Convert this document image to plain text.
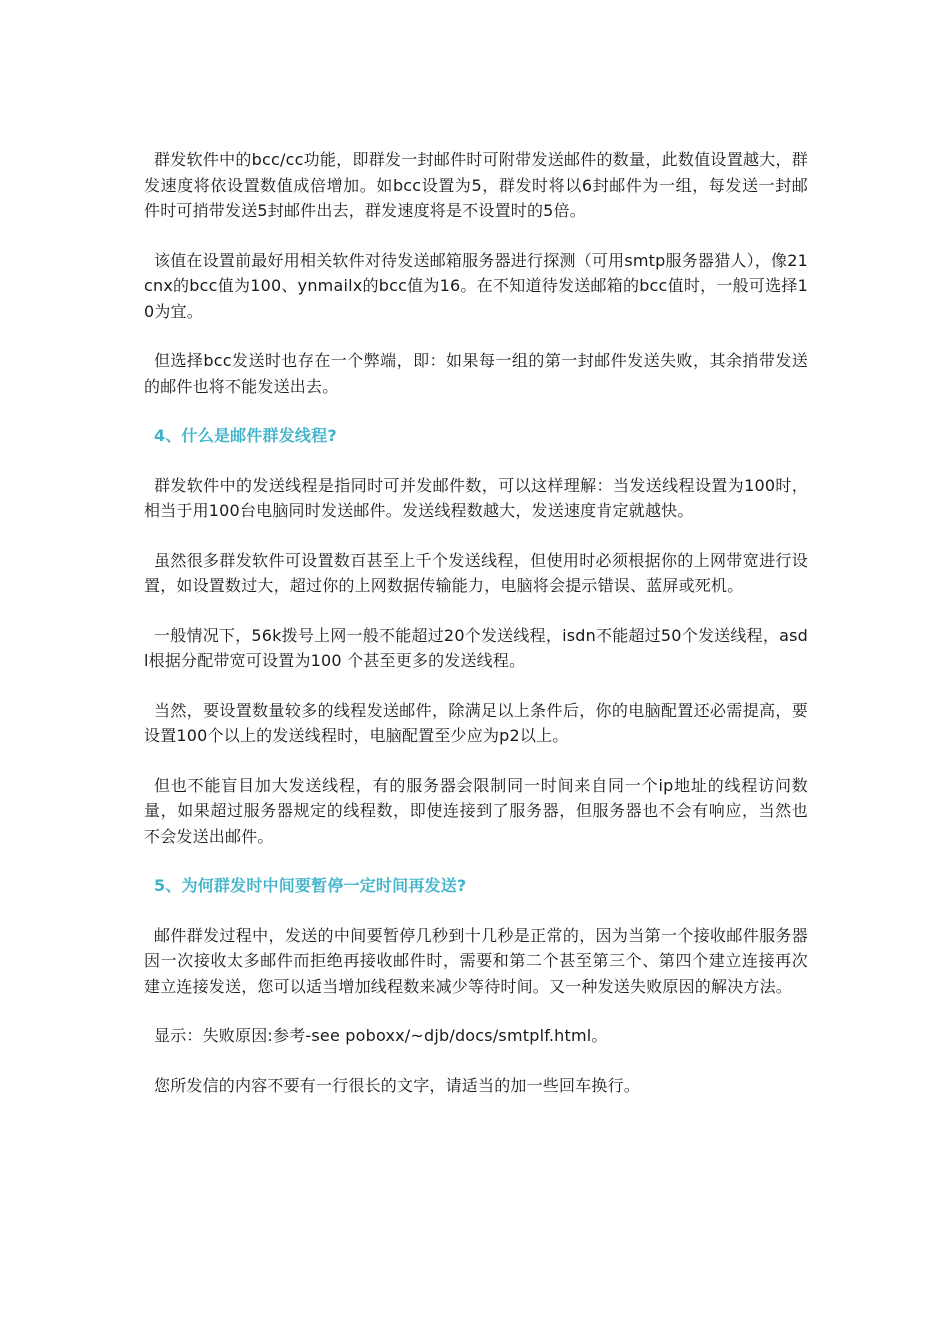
群发软件中的bcc/cc功能，即群发一封邮件时可附带发送邮件的数量，此数值设置越大，群发速度将依设置数值成倍增加。如bcc设置为5，群发时将以6封邮件为一组，每发送一封邮件时可捎带发送5封邮件出去，群发速度将是不设置时的5倍。

该值在设置前最好用相关软件对待发送邮箱服务器进行探测（可用smtp服务器猎人），像21cnx的bcc值为100、ynmailx的bcc值为16。在不知道待发送邮箱的bcc值时，一般可选择10为宜。

但选择bcc发送时也存在一个弊端，即：如果每一组的第一封邮件发送失败，其余捎带发送的邮件也将不能发送出去。

4、什么是邮件群发线程?

群发软件中的发送线程是指同时可并发邮件数，可以这样理解：当发送线程设置为100时，相当于用100台电脑同时发送邮件。发送线程数越大，发送速度肯定就越快。

虽然很多群发软件可设置数百甚至上千个发送线程，但使用时必须根据你的上网带宽进行设置，如设置数过大，超过你的上网数据传输能力，电脑将会提示错误、蓝屏或死机。

一般情况下，56k拨号上网一般不能超过20个发送线程，isdn不能超过50个发送线程，asdl根据分配带宽可设置为100 个甚至更多的发送线程。

当然，要设置数量较多的线程发送邮件，除满足以上条件后，你的电脑配置还必需提高，要设置100个以上的发送线程时，电脑配置至少应为p2以上。

但也不能盲目加大发送线程，有的服务器会限制同一时间来自同一个ip地址的线程访问数量，如果超过服务器规定的线程数，即使连接到了服务器，但服务器也不会有响应，当然也不会发送出邮件。

5、为何群发时中间要暂停一定时间再发送?

邮件群发过程中，发送的中间要暂停几秒到十几秒是正常的，因为当第一个接收邮件服务器因一次接收太多邮件而拒绝再接收邮件时，需要和第二个甚至第三个、第四个建立连接再次建立连接发送，您可以适当增加线程数来减少等待时间。又一种发送失败原因的解决方法。

显示：失败原因:参考-see poboxx/~djb/docs/smtplf.html。

您所发信的内容不要有一行很长的文字，请适当的加一些回车换行。
